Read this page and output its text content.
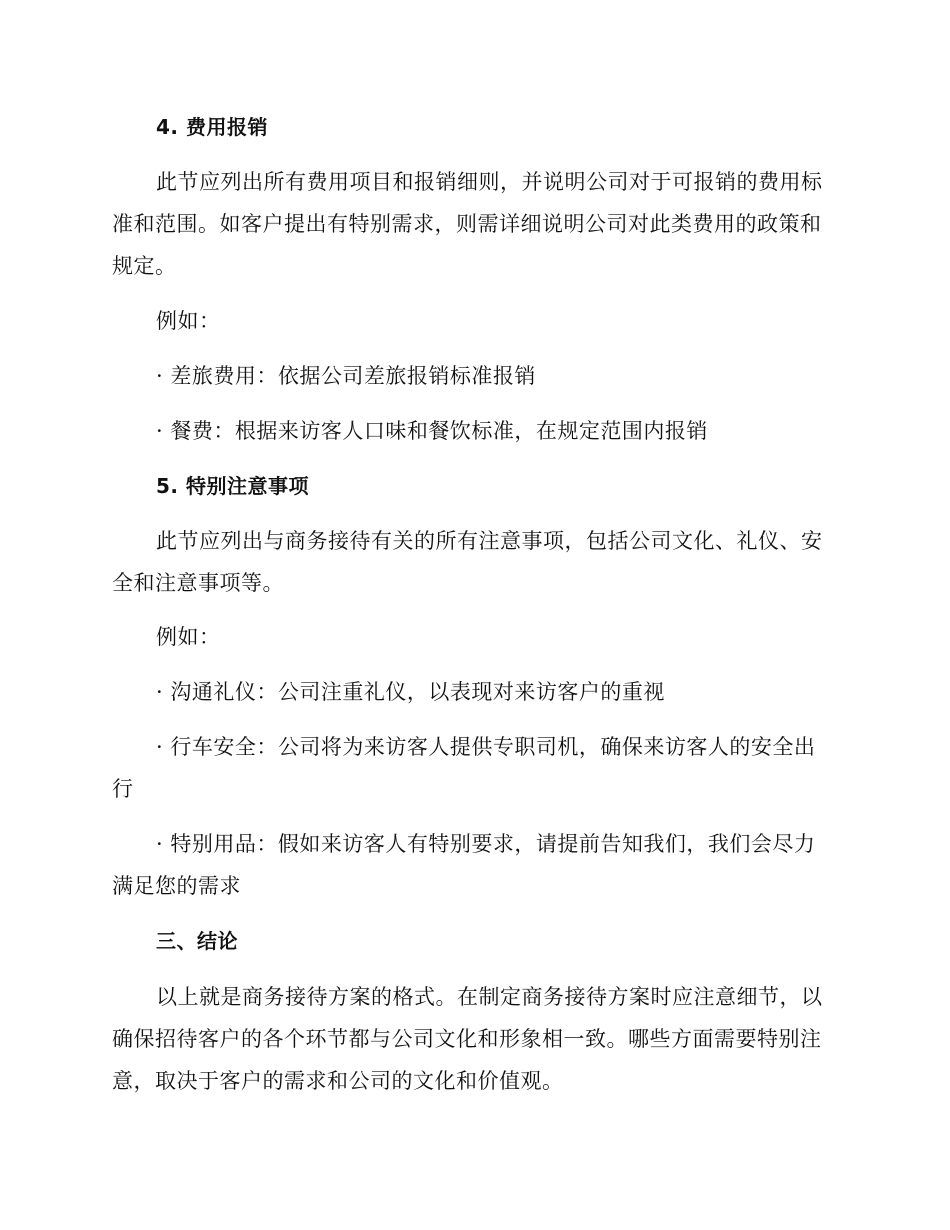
4. 费用报销
此节应列出所有费用项目和报销细则，并说明公司对于可报销的费用标
准和范围。如客户提出有特别需求，则需详细说明公司对此类费用的政策和
规定。
例如：
· 差旅费用：依据公司差旅报销标准报销
· 餐费：根据来访客人口味和餐饮标准，在规定范围内报销
5. 特别注意事项
此节应列出与商务接待有关的所有注意事项，包括公司文化、礼仪、安
全和注意事项等。
例如：
· 沟通礼仪：公司注重礼仪，以表现对来访客户的重视
· 行车安全：公司将为来访客人提供专职司机，确保来访客人的安全出
行
· 特别用品：假如来访客人有特别要求，请提前告知我们，我们会尽力
满足您的需求
三、结论
以上就是商务接待方案的格式。在制定商务接待方案时应注意细节，以
确保招待客户的各个环节都与公司文化和形象相一致。哪些方面需要特别注
意，取决于客户的需求和公司的文化和价值观。
